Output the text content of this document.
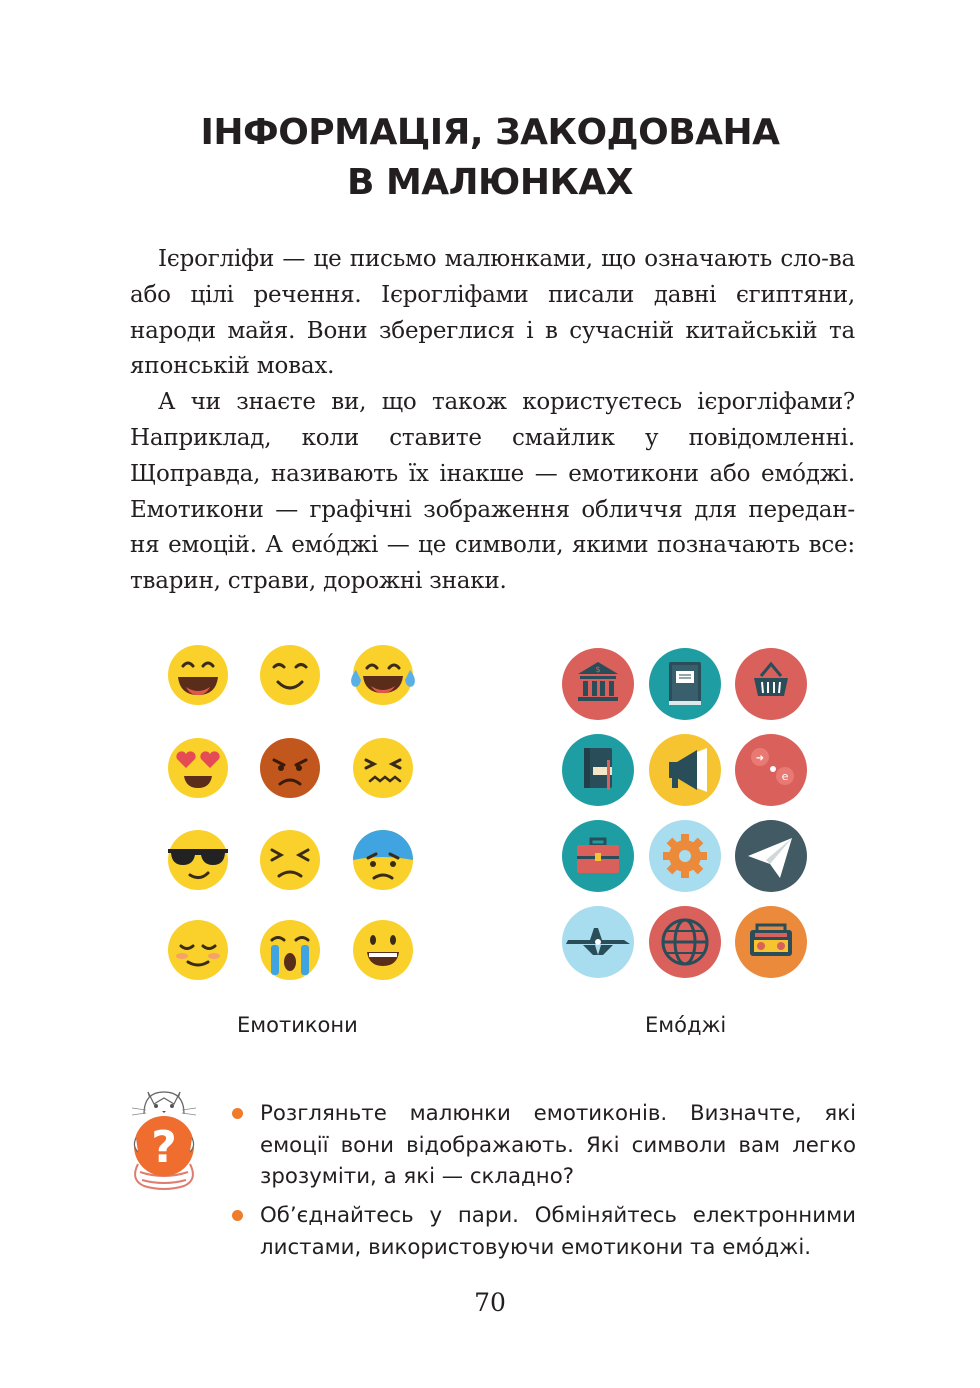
ІНФОРМАЦІЯ, ЗАКОДОВАНА
В МАЛЮНКАХ

Ієрогліфи — це письмо малюнками, що означають сло-ва або цілі речення. Ієрогліфами писали давні єгиптяни, народи майя. Вони збереглися і в сучасній китайській та японській мовах.

А чи знаєте ви, що також користуєтесь ієрогліфами? Наприклад, коли ставите смайлик у повідомленні. Щоправда, називають їх інакше — емотикони або емо́джі. Емотикони — графічні зображення обличчя для передан-ня емоцій. А емо́джі — це символи, якими позначають все: тварин, страви, дорожні знаки.

$
➜
e
Емотикони	Емо́джі
?
Розгляньте малюнки емотиконів. Визначте, які емоції вони відображають. Які символи вам легко зрозуміти, а які — складно?
Об’єднайтесь у пари. Обміняйтесь електронними листами, використовуючи емотикони та емо́джі.
70
